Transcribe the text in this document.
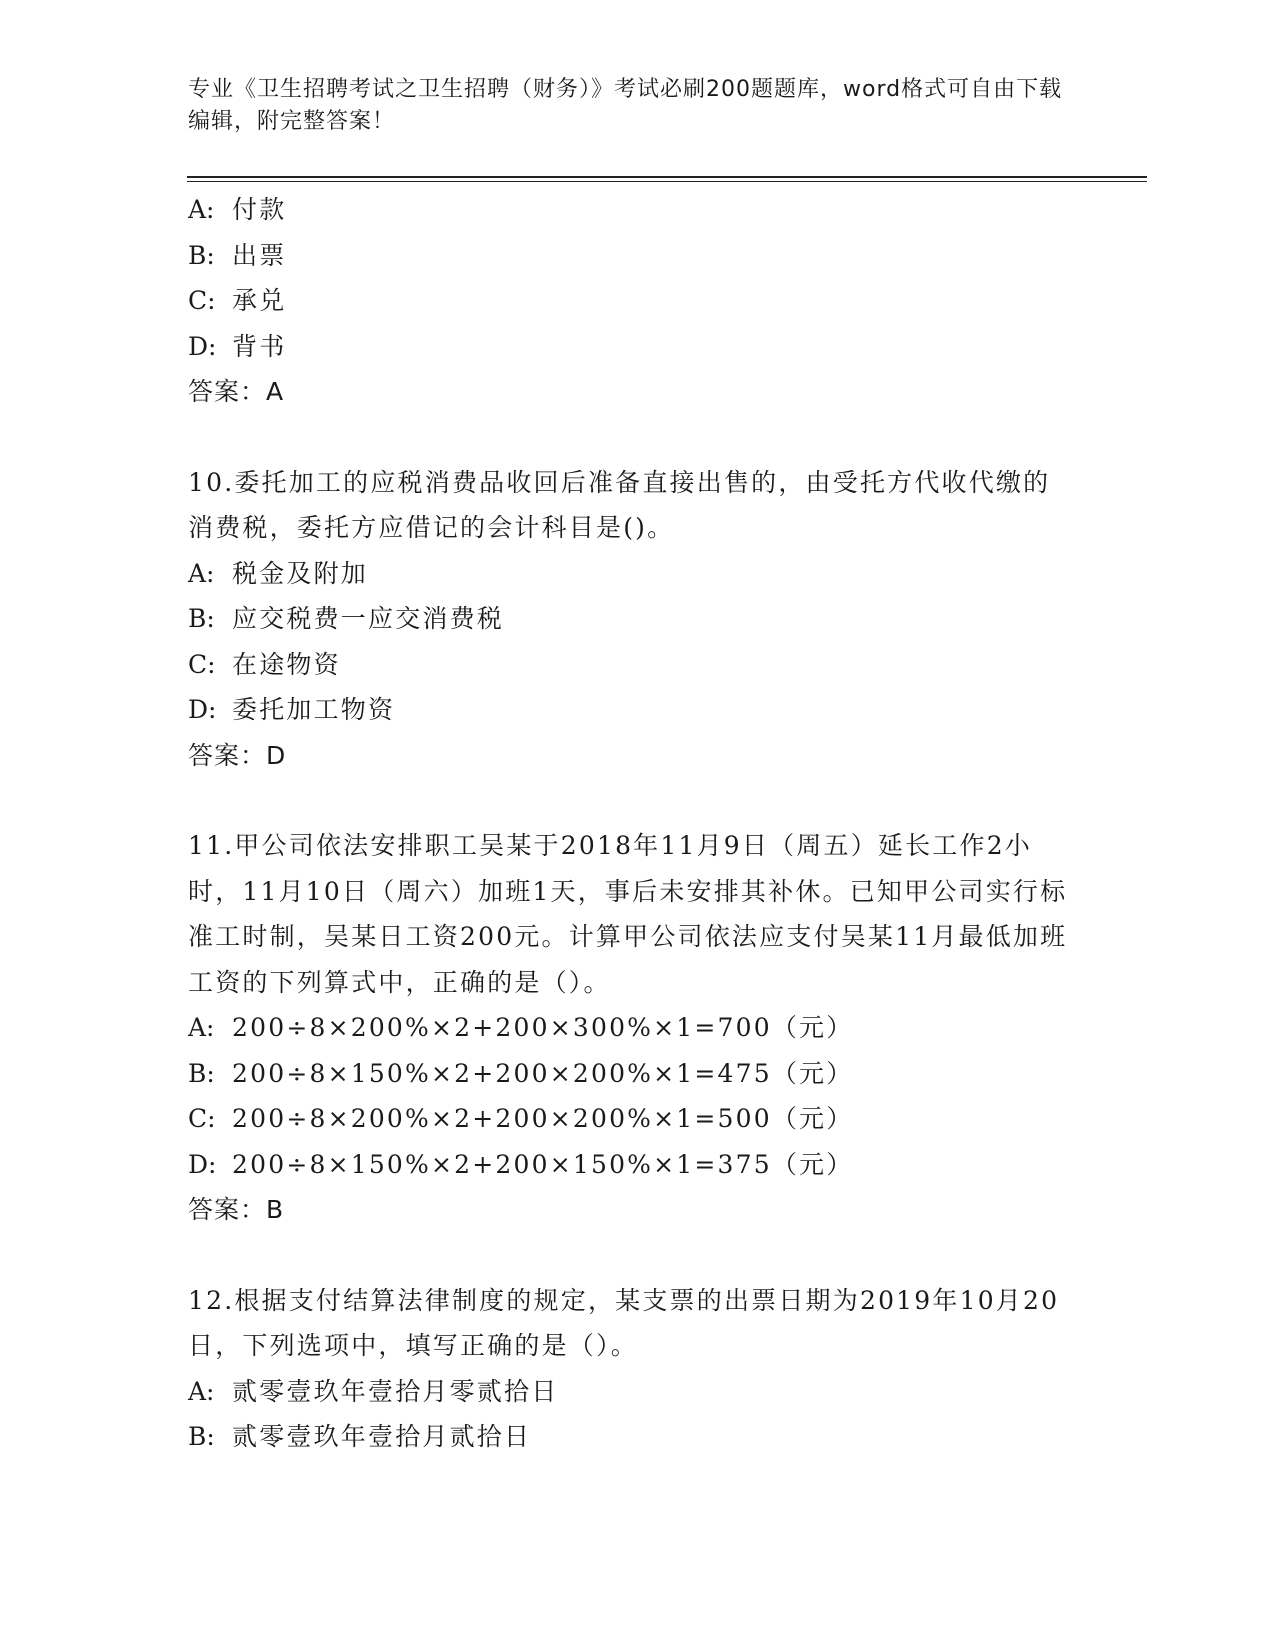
专业《卫生招聘考试之卫生招聘（财务）》考试必刷200题题库，word格式可自由下载编辑，附完整答案！
A: 付款
B: 出票
C: 承兑
D: 背书
答案：A
10.委托加工的应税消费品收回后准备直接出售的，由受托方代收代缴的消费税，委托方应借记的会计科目是()。
A: 税金及附加
B: 应交税费一应交消费税
C: 在途物资
D: 委托加工物资
答案：D
11.甲公司依法安排职工吴某于2018年11月9日（周五）延长工作2小时，11月10日（周六）加班1天，事后未安排其补休。已知甲公司实行标准工时制，吴某日工资200元。计算甲公司依法应支付吴某11月最低加班工资的下列算式中，正确的是（）。
A: 200÷8×200%×2+200×300%×1=700（元）
B: 200÷8×150%×2+200×200%×1=475（元）
C: 200÷8×200%×2+200×200%×1=500（元）
D: 200÷8×150%×2+200×150%×1=375（元）
答案：B
12.根据支付结算法律制度的规定，某支票的出票日期为2019年10月20日，下列选项中，填写正确的是（）。
A: 贰零壹玖年壹拾月零贰拾日
B: 贰零壹玖年壹拾月贰拾日
